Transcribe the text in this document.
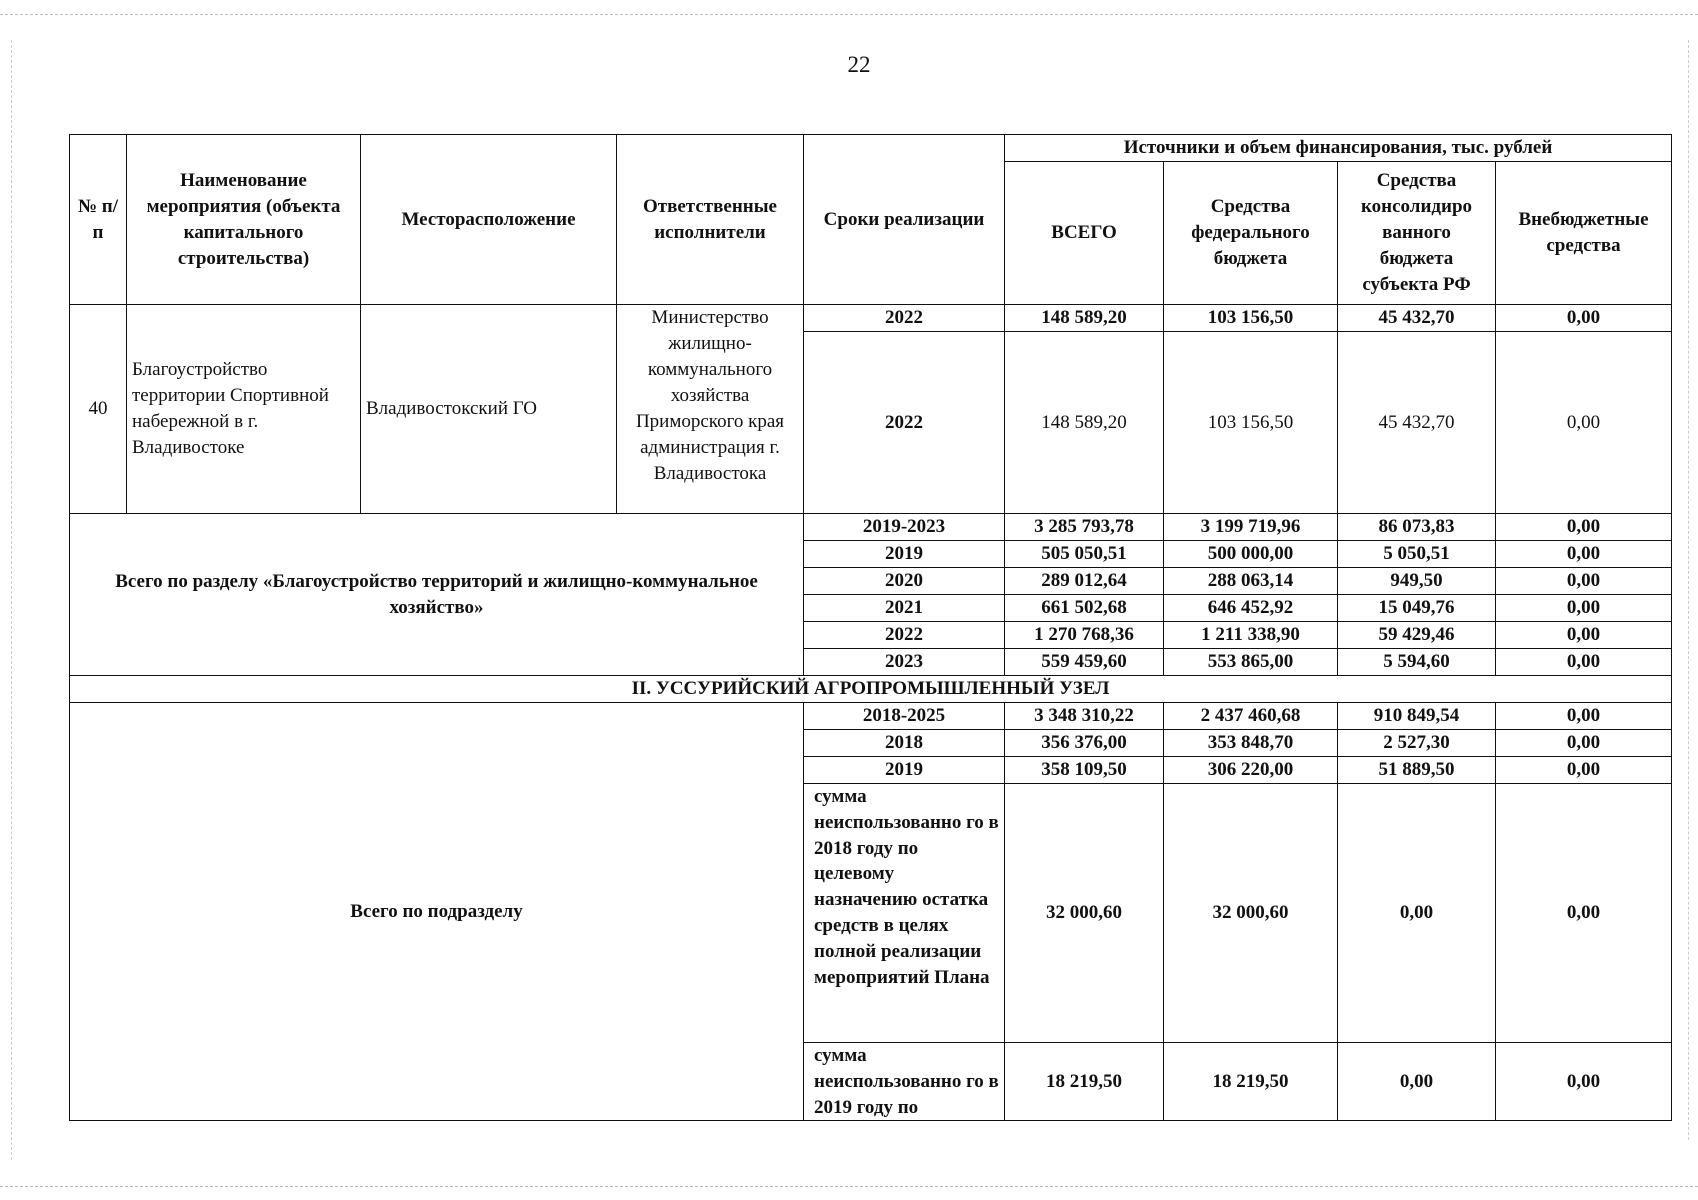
22
№ п/п	Наименование мероприятия (объекта капитального строительства)	Месторасположение	Ответственные исполнители	Сроки реализации	Источники и объем финансирования, тыс. рублей			
					ВСЕГО	Средства федерального бюджета	Средства консолидиро ванного бюджета субъекта РФ	Внебюджетные средства
40	Благоустройство территории Спортивной набережной в г. Владивостоке	Владивостокский ГО	Министерство жилищно-коммунального хозяйства Приморского края администрация г. Владивостока	2022	148 589,20	103 156,50	45 432,70	0,00
				2022	148 589,20	103 156,50	45 432,70	0,00
Всего по разделу «Благоустройство территорий и жилищно-коммунальное хозяйство»				2019-2023	3 285 793,78	3 199 719,96	86 073,83	0,00
				2019	505 050,51	500 000,00	5 050,51	0,00
				2020	289 012,64	288 063,14	949,50	0,00
				2021	661 502,68	646 452,92	15 049,76	0,00
				2022	1 270 768,36	1 211 338,90	59 429,46	0,00
				2023	559 459,60	553 865,00	5 594,60	0,00
II. УССУРИЙСКИЙ АГРОПРОМЫШЛЕННЫЙ УЗЕЛ								
Всего по подразделу				2018-2025	3 348 310,22	2 437 460,68	910 849,54	0,00
				2018	356 376,00	353 848,70	2 527,30	0,00
				2019	358 109,50	306 220,00	51 889,50	0,00
				сумма неиспользованно го в 2018 году по целевому назначению остатка средств в целях полной реализации мероприятий Плана	32 000,60	32 000,60	0,00	0,00
				сумма неиспользованно го в 2019 году по	18 219,50	18 219,50	0,00	0,00
